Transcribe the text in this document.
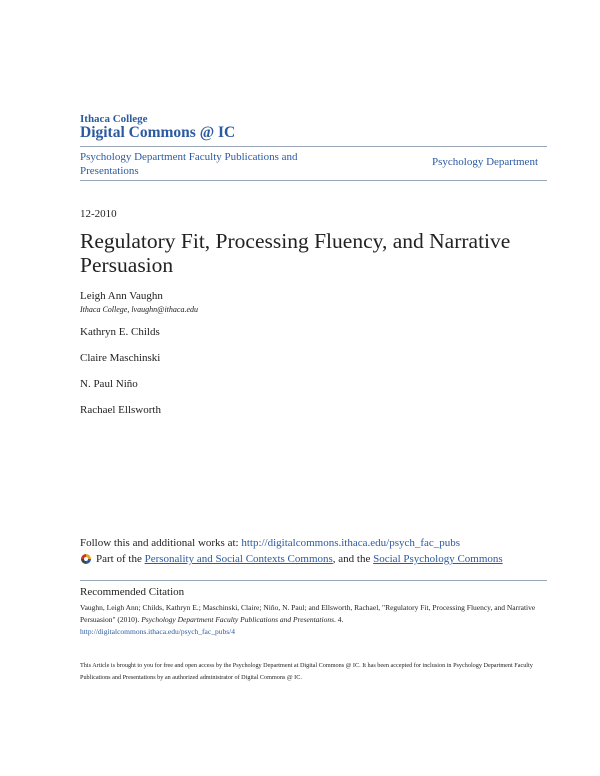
Ithaca College
Digital Commons @ IC
Psychology Department Faculty Publications and Presentations
Psychology Department
12-2010
Regulatory Fit, Processing Fluency, and Narrative Persuasion
Leigh Ann Vaughn
Ithaca College, lvaughn@ithaca.edu
Kathryn E. Childs
Claire Maschinski
N. Paul Niño
Rachael Ellsworth
Follow this and additional works at: http://digitalcommons.ithaca.edu/psych_fac_pubs
Part of the
Personality and Social Contexts Commons , and the
Social Psychology Commons
Recommended Citation
Vaughn, Leigh Ann; Childs, Kathryn E.; Maschinski, Claire; Niño, N. Paul; and Ellsworth, Rachael, "Regulatory Fit, Processing Fluency, and Narrative Persuasion" (2010). Psychology Department Faculty Publications and Presentations. 4.
http://digitalcommons.ithaca.edu/psych_fac_pubs/4
This Article is brought to you for free and open access by the Psychology Department at Digital Commons @ IC. It has been accepted for inclusion in Psychology Department Faculty Publications and Presentations by an authorized administrator of Digital Commons @ IC.
